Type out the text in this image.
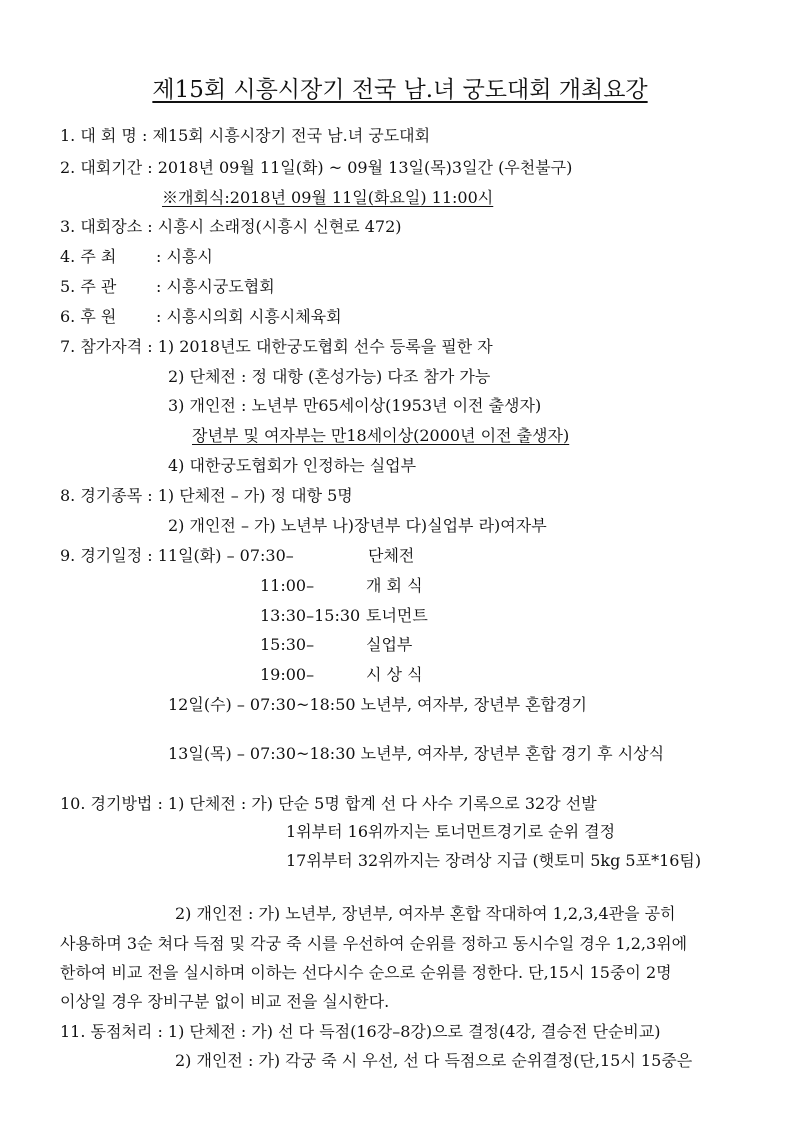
제15회 시흥시장기 전국 남.녀 궁도대회 개최요강
1. 대 회 명 : 제15회 시흥시장기 전국 남.녀 궁도대회
2. 대회기간 : 2018년 09월 11일(화) ~ 09월 13일(목)3일간 (우천불구)
※개회식:2018년 09월 11일(화요일) 11:00시
3. 대회장소 : 시흥시 소래정(시흥시 신현로 472)
4. 주 최 : 시흥시
5. 주 관 : 시흥시궁도협회
6. 후 원 : 시흥시의회 시흥시체육회
7. 참가자격 : 1) 2018년도 대한궁도협회 선수 등록을 필한 자
2) 단체전 : 정 대항 (혼성가능) 다조 참가 가능
3) 개인전 : 노년부 만65세이상(1953년 이전 출생자)
장년부 및 여자부는 만18세이상(2000년 이전 출생자)
4) 대한궁도협회가 인정하는 실업부
8. 경기종목 : 1) 단체전 – 가) 정 대항 5명
2) 개인전 – 가) 노년부 나)장년부 다)실업부 라)여자부
9. 경기일정 : 11일(화) – 07:30–	단체전
11:00–	개 회 식
13:30–15:30 토너먼트
15:30–	실업부
19:00–	시 상 식
12일(수) – 07:30~18:50 노년부, 여자부, 장년부 혼합경기
13일(목) – 07:30~18:30 노년부, 여자부, 장년부 혼합 경기 후 시상식
10. 경기방법 : 1) 단체전 : 가) 단순 5명 합계 선 다 사수 기록으로 32강 선발
1위부터 16위까지는 토너먼트경기로 순위 결정
17위부터 32위까지는 장려상 지급 (햇토미 5kg 5포*16팀)
2) 개인전 : 가) 노년부, 장년부, 여자부 혼합 작대하여 1,2,3,4관을 공히
사용하며 3순 쳐다 득점 및 각궁 죽 시를 우선하여 순위를 정하고 동시수일 경우 1,2,3위에
한하여 비교 전을 실시하며 이하는 선다시수 순으로 순위를 정한다. 단,15시 15중이 2명
이상일 경우 장비구분 없이 비교 전을 실시한다.
11. 동점처리 : 1) 단체전 : 가) 선 다 득점(16강–8강)으로 결정(4강, 결승전 단순비교)
2) 개인전 : 가) 각궁 죽 시 우선, 선 다 득점으로 순위결정(단,15시 15중은
